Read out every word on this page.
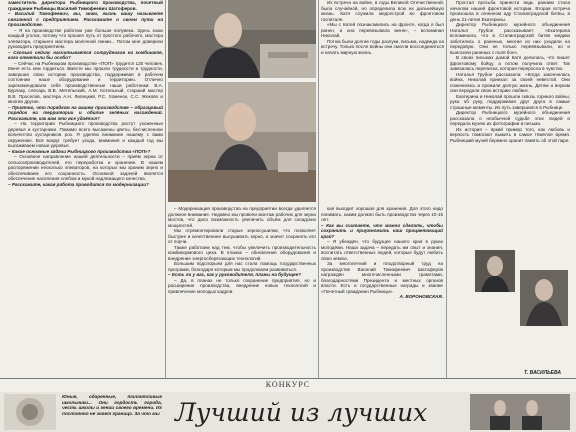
заместитель директора Рыбницкого производства, почетный гражданин Рыбницы Василий Тимофеевич Шатоферов.

– Василий Тимофеевич, вы, знаю, жизнь вашу называете связанной с предприятием. Расскажите о своем пути на производстве.

– Я на производстве работаю уже больше полувека. Здесь знаю каждый уголок, потому что прошел путь от простого рабочего, мастера элеватора, старшего мастера молочной линии... Потом мне доверили руководить предприятием.

– Сколько сейчас насчитывается сотрудников на комбинате, кого отметили бы особо?

– Сейчас на Рыбницком производстве «ПОП» трудится 120 человек. Меня есть кем гордиться. Вместе мы прошли трудности и трудности, завершая свою историю производства, поддерживая в рабочем состоянии наше оборудование и территорию. Отлично зарекомендовали себя производственные наши работники: В.А. Бурлаку, слесарь В.В. Метельский, А.М. Котельный, старший мастер В.В. Проселов, мастера А.Н. Липецкий, Р.С. Хоменок, С.С. Жеково и многие другие.

– Приятно, что порядком на вашем производстве – образцовый порядок на территории и обилие зелёных насаждений. Расскажите, как вам это все удаётся?

– На территории Рыбницкого производства растут ухоженные деревья и кустарники. Помимо всего высажены цветы, бесчисленное количество кустарников роз. Я уделяю внимание нашему с вами окружению. Всё вокруг требует ухода, внимания и каждый год мы высаживаем новые деревья.

– Какие основные задачи Рыбницкого производства «ПОП»?

– Основное направление нашей деятельности – приём зерна от сельхозпроизводителей, его переработка и хранение. В нашем распоряжении несколько элеваторов, на которых мы храним зерно и обеспечиваем его сохранность. Основной задачей является обеспечение населения хлебом и мукой надлежащего качества.

– Расскажите, какая работа проводится по модернизации?

– Модернизация производства на предприятии всегда уделяется должное внимание. Недавно мы провели монтаж рабочих для зерна мостов, что дало возможность увеличить объём для складских мощностей.

Мы отремонтировали старые зерносушилки, что позволяет быстрее и качественнее высушивать зерно, а значит сохранять его от порчи.

Также работаем над тем, чтобы увеличить производительность комбикормового цеха. В планах – обновление оборудования и внедрение энергосберегающих технологий.

Большим подспорьем для нас стала помощь государственных программ, благодаря которым мы продолжаем развиваться.

– Есть ли у вас, как у руководителя, планы на будущее?

– Да, в планах не только сохранение предприятия, но и расширение производства, внедрение новых технологий и привлечение молодых кадров.

кая выходит хорошая для хранения. Для этого надо понимать, каким должно быть производство через 10-15 лет.

– Как вы считаете, что можно сделать, чтобы сохранить и приумножить наш процветающий край?

– Я убеждён, что будущее нашего края в руках молодёжи. Наша задача – передать им опыт и знания, воспитать ответственных людей, которые будут любить свою землю.

За многолетний и плодотворный труд на производстве Василий Тимофеевич Шатоферов награждён многочисленными грамотами, благодарностями Президента и местных органов власти. Есть и государственные награды и звание «Почетный гражданин Рыбницы».

А. ВОРОНОВСКАЯ.

Их встреча на войне, в годы Великой Отечественной, была случайной, но определила всю их дальнейшую жизнь. Катя служила медсестрой во фронтовом госпитале.

«Мы с Катей познакомились на фронте, когда я был ранен, и она перевязывала меня», – вспоминал Николай.

Потом были долгие годы разлуки, письма, надежда на встречу. Только после войны они смогли воссоединиться и начать мирную жизнь.

Простая просьба принести ведь ранним стала началом нашей фронтовой истории. Вторая встреча произошла в огненном аду Сталинградской битвы, в день 21-летия Екатерины.

Директор Рыбницкого музейного объединения Наталья Грубое рассказывает: «Екатерина вспоминала, что в Сталинградской битве медики заботились о раненых, многие из них уходили на передовую. Они не только перевязывали, но и выносили раненых с поля боя».

В своих письмах домой Катя делилась, что пишет фронтовому бойцу, а потом получила ответ. Так завязалась переписка, которая переросла в чувство.

Наталья Грубое рассказала: «Когда закончилась война, Николай приехал за своей невестой. Они поженились и прожили долгую жизнь. Детям и внукам они передали свою историю любви».

Екатерина и Николай прошли сквозь горнило войны, рука об руку, поддерживая друг друга в самые страшные моменты. Их путь завершился в Рыбнице.

Директор Рыбницкого музейного объединения рассказала о необычной судьбе этих людей и передала музею их фотографии и письма.

Их история – яркий пример того, как любовь и верность помогают выжить в самое тяжёлое время. Рыбницкий музей бережно хранит память об этой паре.

Т. ВАСИЛЬЕВА
КОНКУРС
Юные, одаренные, талантливые школьники... Они гордость города, честь школы и гении своего времени. Их постоянно не знает граница. За что мы Лучший из лучших
